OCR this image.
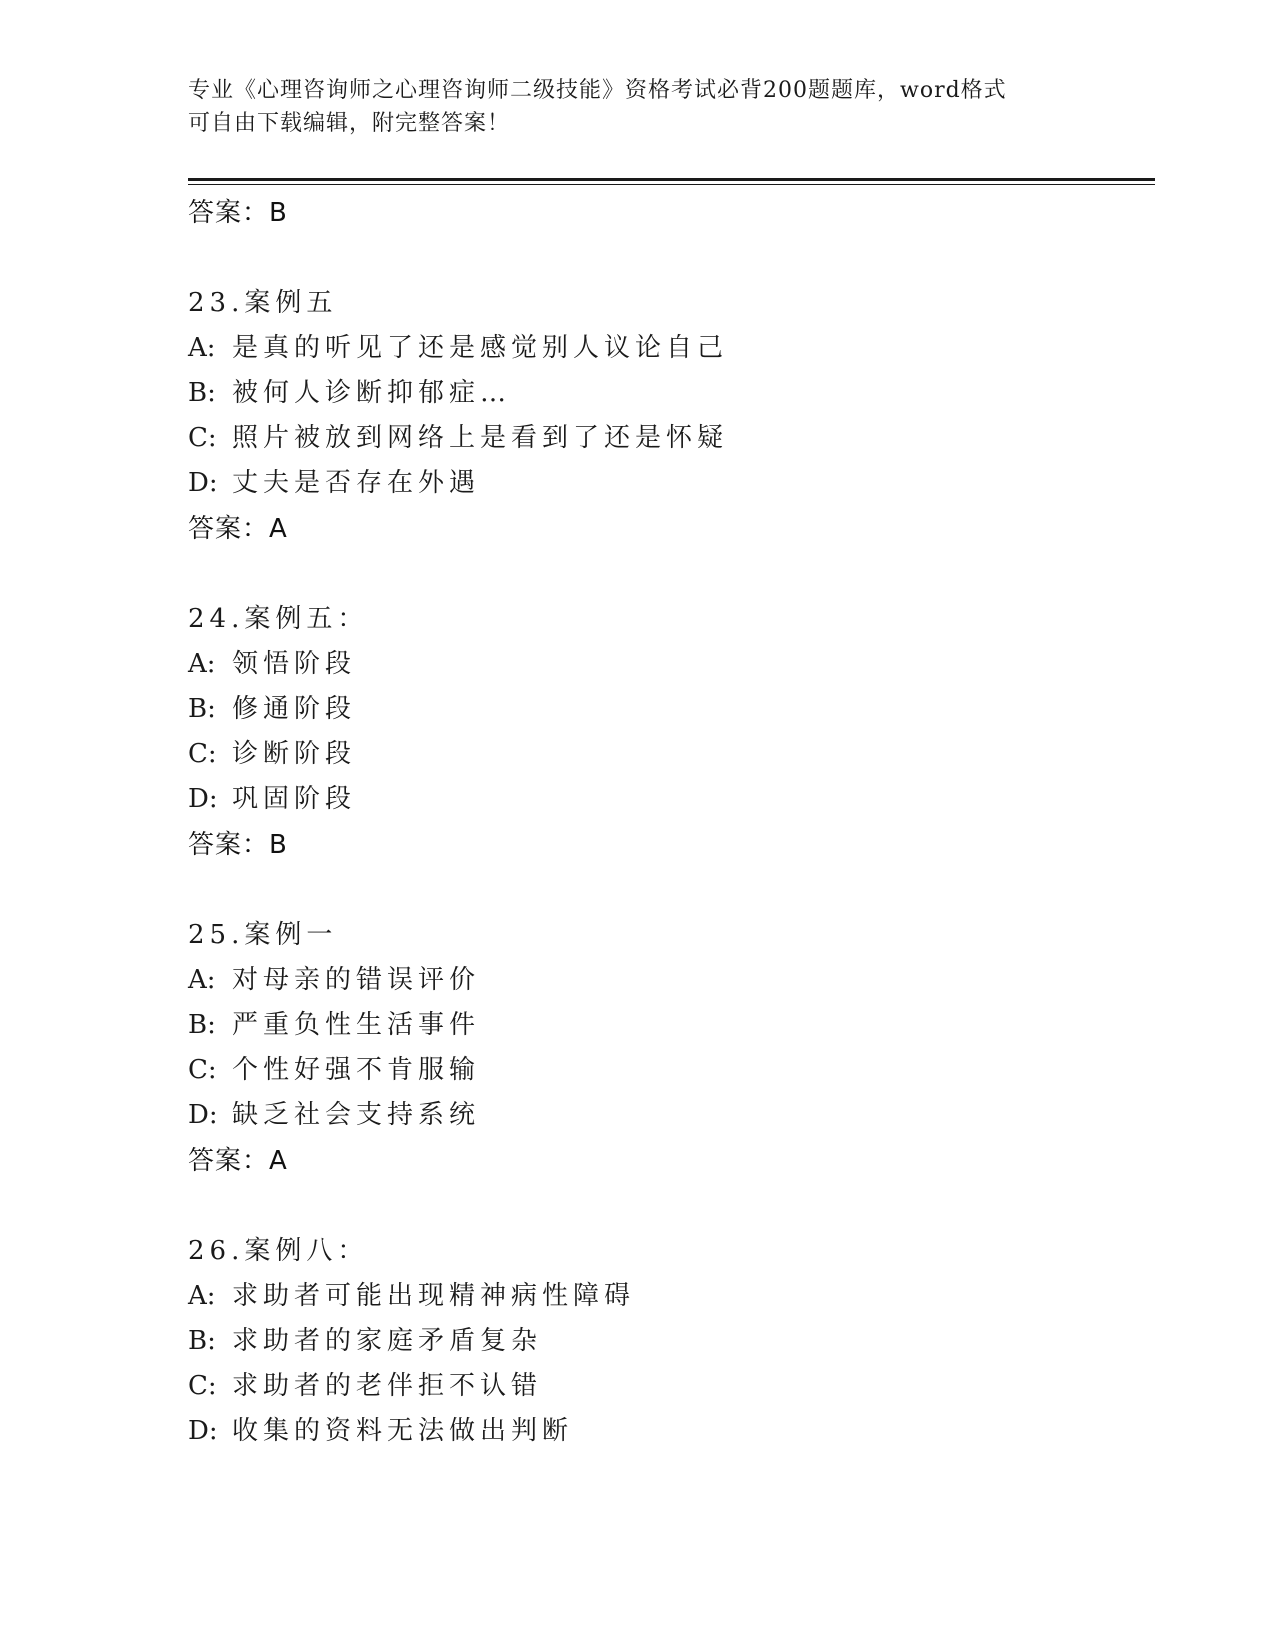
专业《心理咨询师之心理咨询师二级技能》资格考试必背200题题库，word格式
可自由下载编辑，附完整答案！
答案：B
23.案例五
A: 是真的听见了还是感觉别人议论自己
B: 被何人诊断抑郁症…
C: 照片被放到网络上是看到了还是怀疑
D: 丈夫是否存在外遇
答案：A
24.案例五：
A: 领悟阶段
B: 修通阶段
C: 诊断阶段
D: 巩固阶段
答案：B
25.案例一
A: 对母亲的错误评价
B: 严重负性生活事件
C: 个性好强不肯服输
D: 缺乏社会支持系统
答案：A
26.案例八：
A: 求助者可能出现精神病性障碍
B: 求助者的家庭矛盾复杂
C: 求助者的老伴拒不认错
D: 收集的资料无法做出判断
